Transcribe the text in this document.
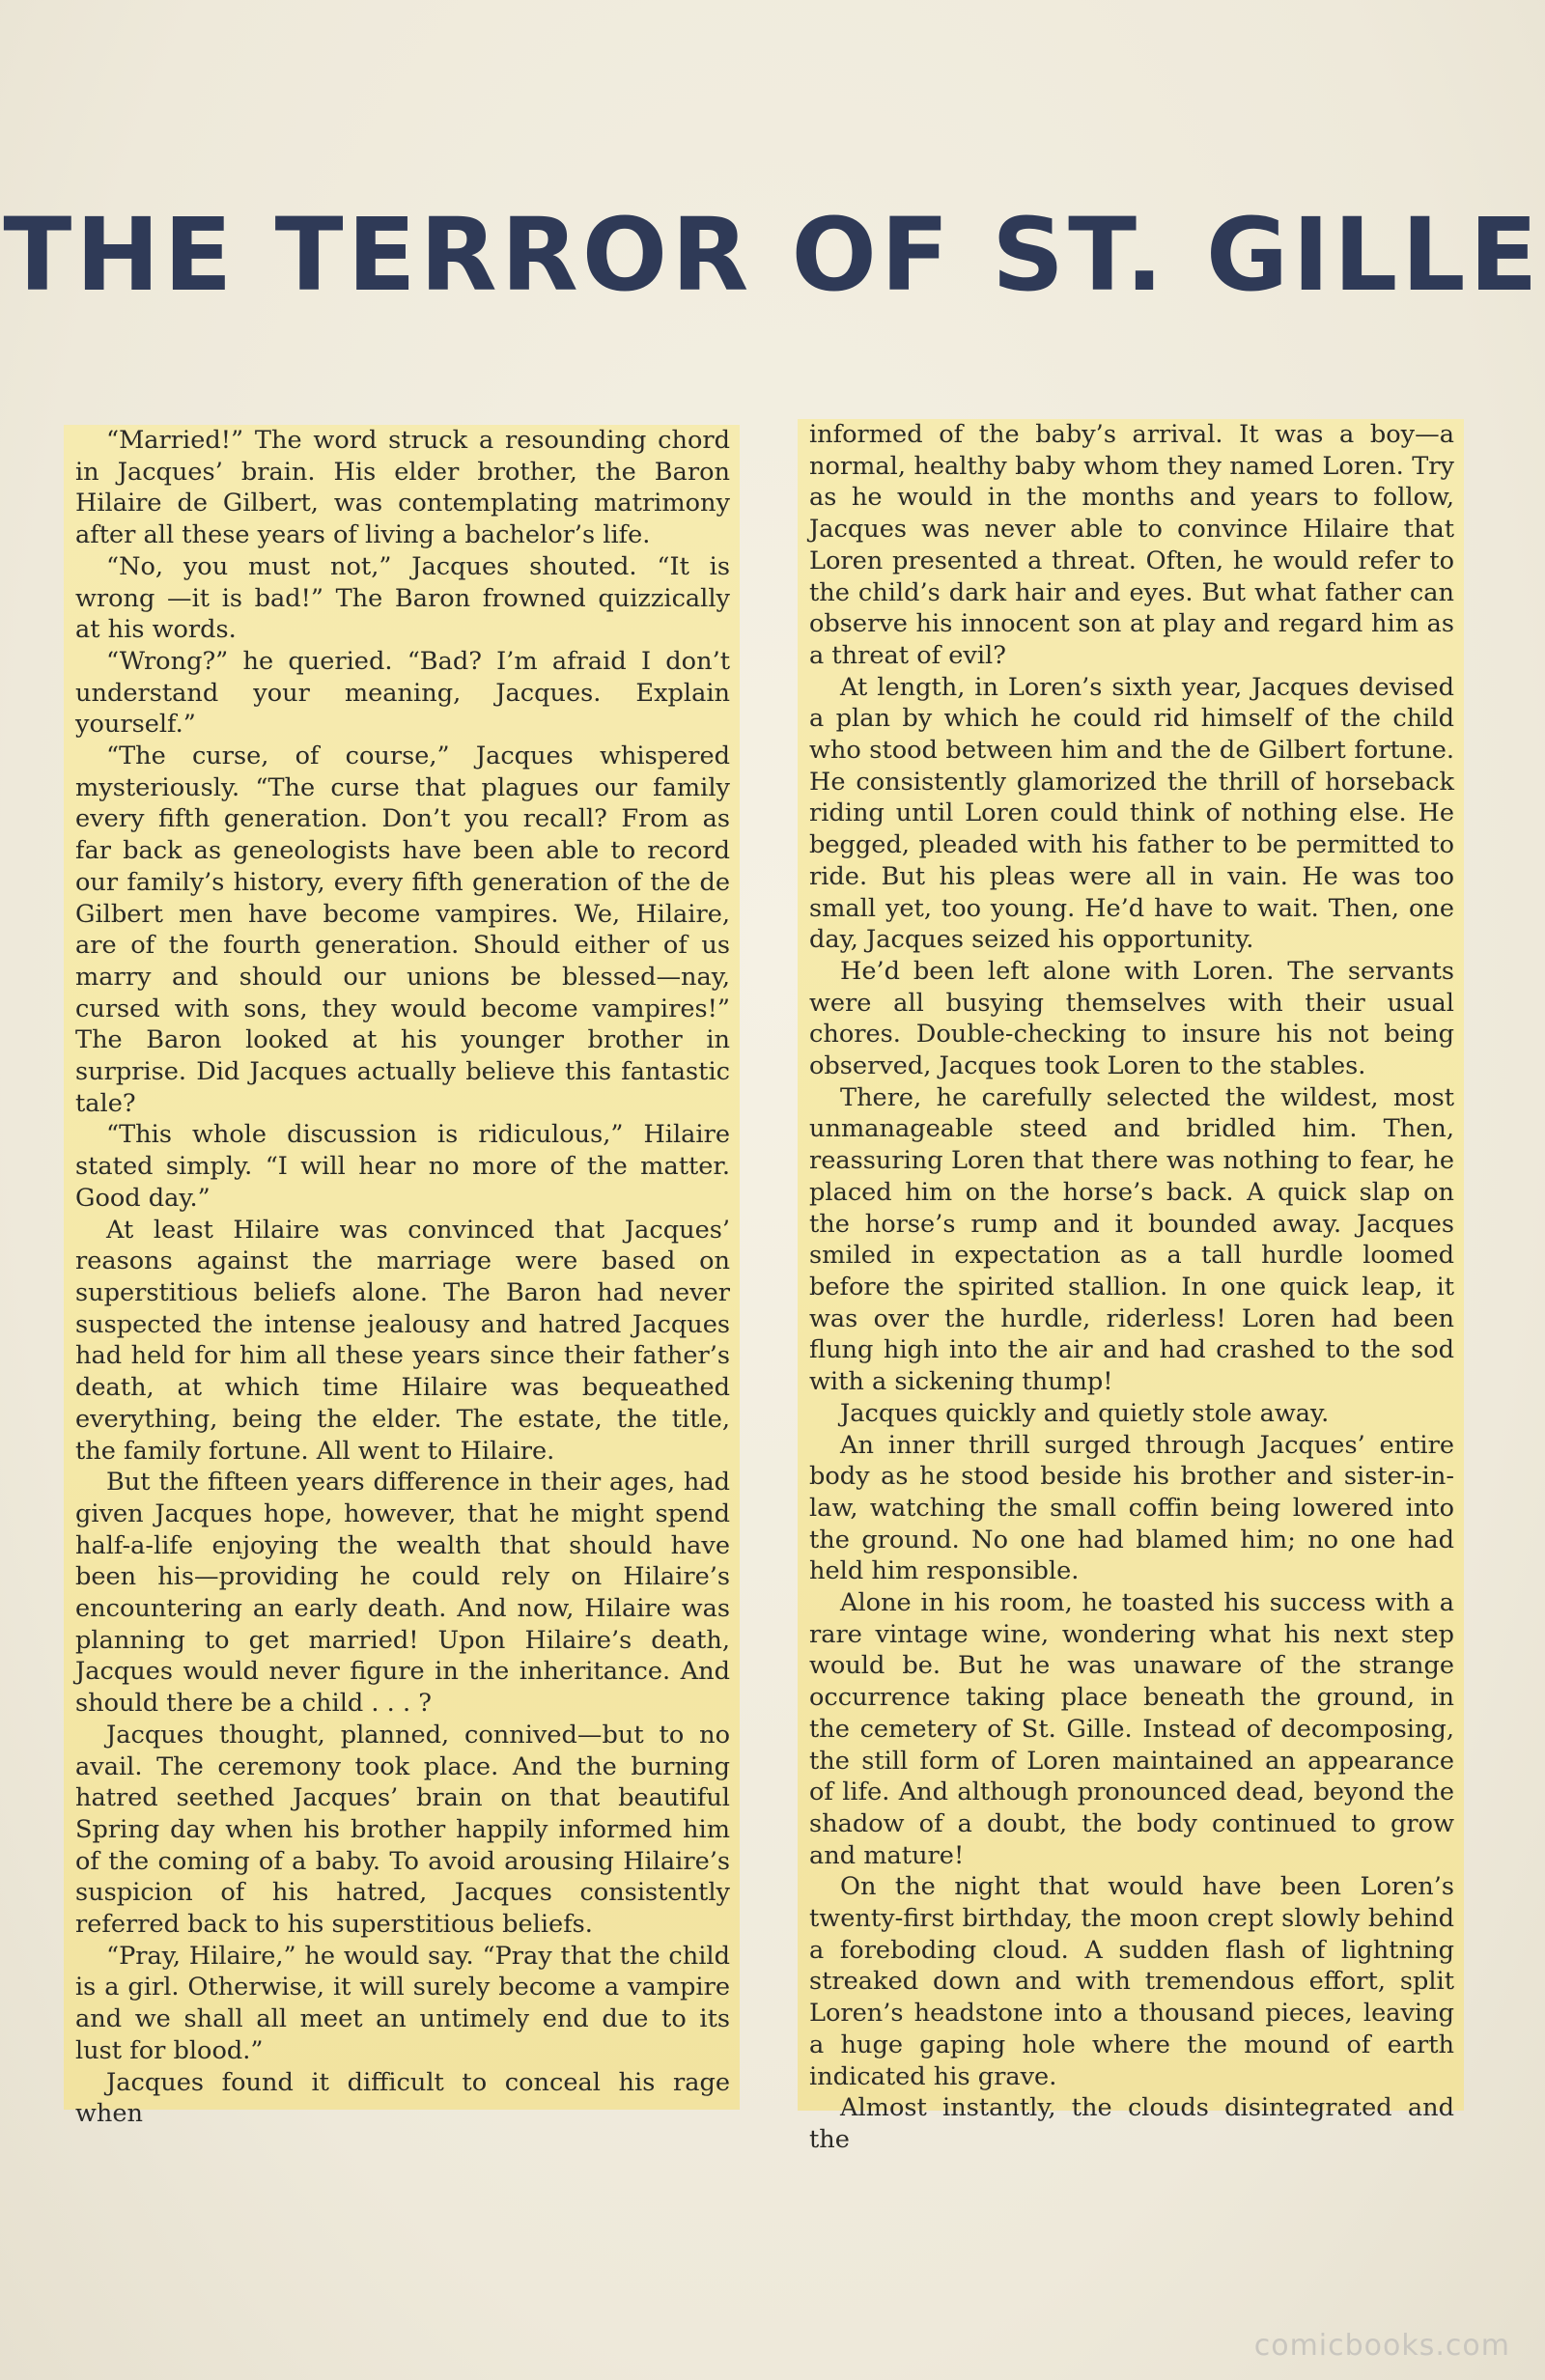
THE TERROR OF ST. GILLE

“Married!” The word struck a resounding chord in Jacques’ brain. His elder brother, the Baron Hilaire de Gilbert, was contemplating matrimony after all these years of living a bachelor’s life.

“No, you must not,” Jacques shouted. “It is wrong —it is bad!” The Baron frowned quizzically at his words.

“Wrong?” he queried. “Bad? I’m afraid I don’t understand your meaning, Jacques. Explain yourself.”

“The curse, of course,” Jacques whispered mysteriously. “The curse that plagues our family every fifth generation. Don’t you recall? From as far back as geneologists have been able to record our family’s history, every fifth generation of the de Gilbert men have become vampires. We, Hilaire, are of the fourth generation. Should either of us marry and should our unions be blessed—nay, cursed with sons, they would become vampires!” The Baron looked at his younger brother in surprise. Did Jacques actually believe this fantastic tale?

“This whole discussion is ridiculous,” Hilaire stated simply. “I will hear no more of the matter. Good day.”

At least Hilaire was convinced that Jacques’ reasons against the marriage were based on superstitious beliefs alone. The Baron had never suspected the intense jealousy and hatred Jacques had held for him all these years since their father’s death, at which time Hilaire was bequeathed everything, being the elder. The estate, the title, the family fortune. All went to Hilaire.

But the fifteen years difference in their ages, had given Jacques hope, however, that he might spend half-a-life enjoying the wealth that should have been his—providing he could rely on Hilaire’s encountering an early death. And now, Hilaire was planning to get married! Upon Hilaire’s death, Jacques would never figure in the inheritance. And should there be a child . . . ?

Jacques thought, planned, connived—but to no avail. The ceremony took place. And the burning hatred seethed Jacques’ brain on that beautiful Spring day when his brother happily informed him of the coming of a baby. To avoid arousing Hilaire’s suspicion of his hatred, Jacques consistently referred back to his superstitious beliefs.

“Pray, Hilaire,” he would say. “Pray that the child is a girl. Otherwise, it will surely become a vampire and we shall all meet an untimely end due to its lust for blood.”

Jacques found it difficult to conceal his rage when

informed of the baby’s arrival. It was a boy—a normal, healthy baby whom they named Loren. Try as he would in the months and years to follow, Jacques was never able to convince Hilaire that Loren presented a threat. Often, he would refer to the child’s dark hair and eyes. But what father can observe his innocent son at play and regard him as a threat of evil?

At length, in Loren’s sixth year, Jacques devised a plan by which he could rid himself of the child who stood between him and the de Gilbert fortune. He consistently glamorized the thrill of horseback riding until Loren could think of nothing else. He begged, pleaded with his father to be permitted to ride. But his pleas were all in vain. He was too small yet, too young. He’d have to wait. Then, one day, Jacques seized his opportunity.

He’d been left alone with Loren. The servants were all busying themselves with their usual chores. Double-checking to insure his not being observed, Jacques took Loren to the stables.

There, he carefully selected the wildest, most unmanageable steed and bridled him. Then, reassuring Loren that there was nothing to fear, he placed him on the horse’s back. A quick slap on the horse’s rump and it bounded away. Jacques smiled in expectation as a tall hurdle loomed before the spirited stallion. In one quick leap, it was over the hurdle, riderless! Loren had been flung high into the air and had crashed to the sod with a sickening thump!

Jacques quickly and quietly stole away.

An inner thrill surged through Jacques’ entire body as he stood beside his brother and sister-in-law, watching the small coffin being lowered into the ground. No one had blamed him; no one had held him responsible.

Alone in his room, he toasted his success with a rare vintage wine, wondering what his next step would be. But he was unaware of the strange occurrence taking place beneath the ground, in the cemetery of St. Gille. Instead of decomposing, the still form of Loren maintained an appearance of life. And although pronounced dead, beyond the shadow of a doubt, the body continued to grow and mature!

On the night that would have been Loren’s twenty-first birthday, the moon crept slowly behind a foreboding cloud. A sudden flash of lightning streaked down and with tremendous effort, split Loren’s headstone into a thousand pieces, leaving a huge gaping hole where the mound of earth indicated his grave.

Almost instantly, the clouds disintegrated and the

comicbooks.com
